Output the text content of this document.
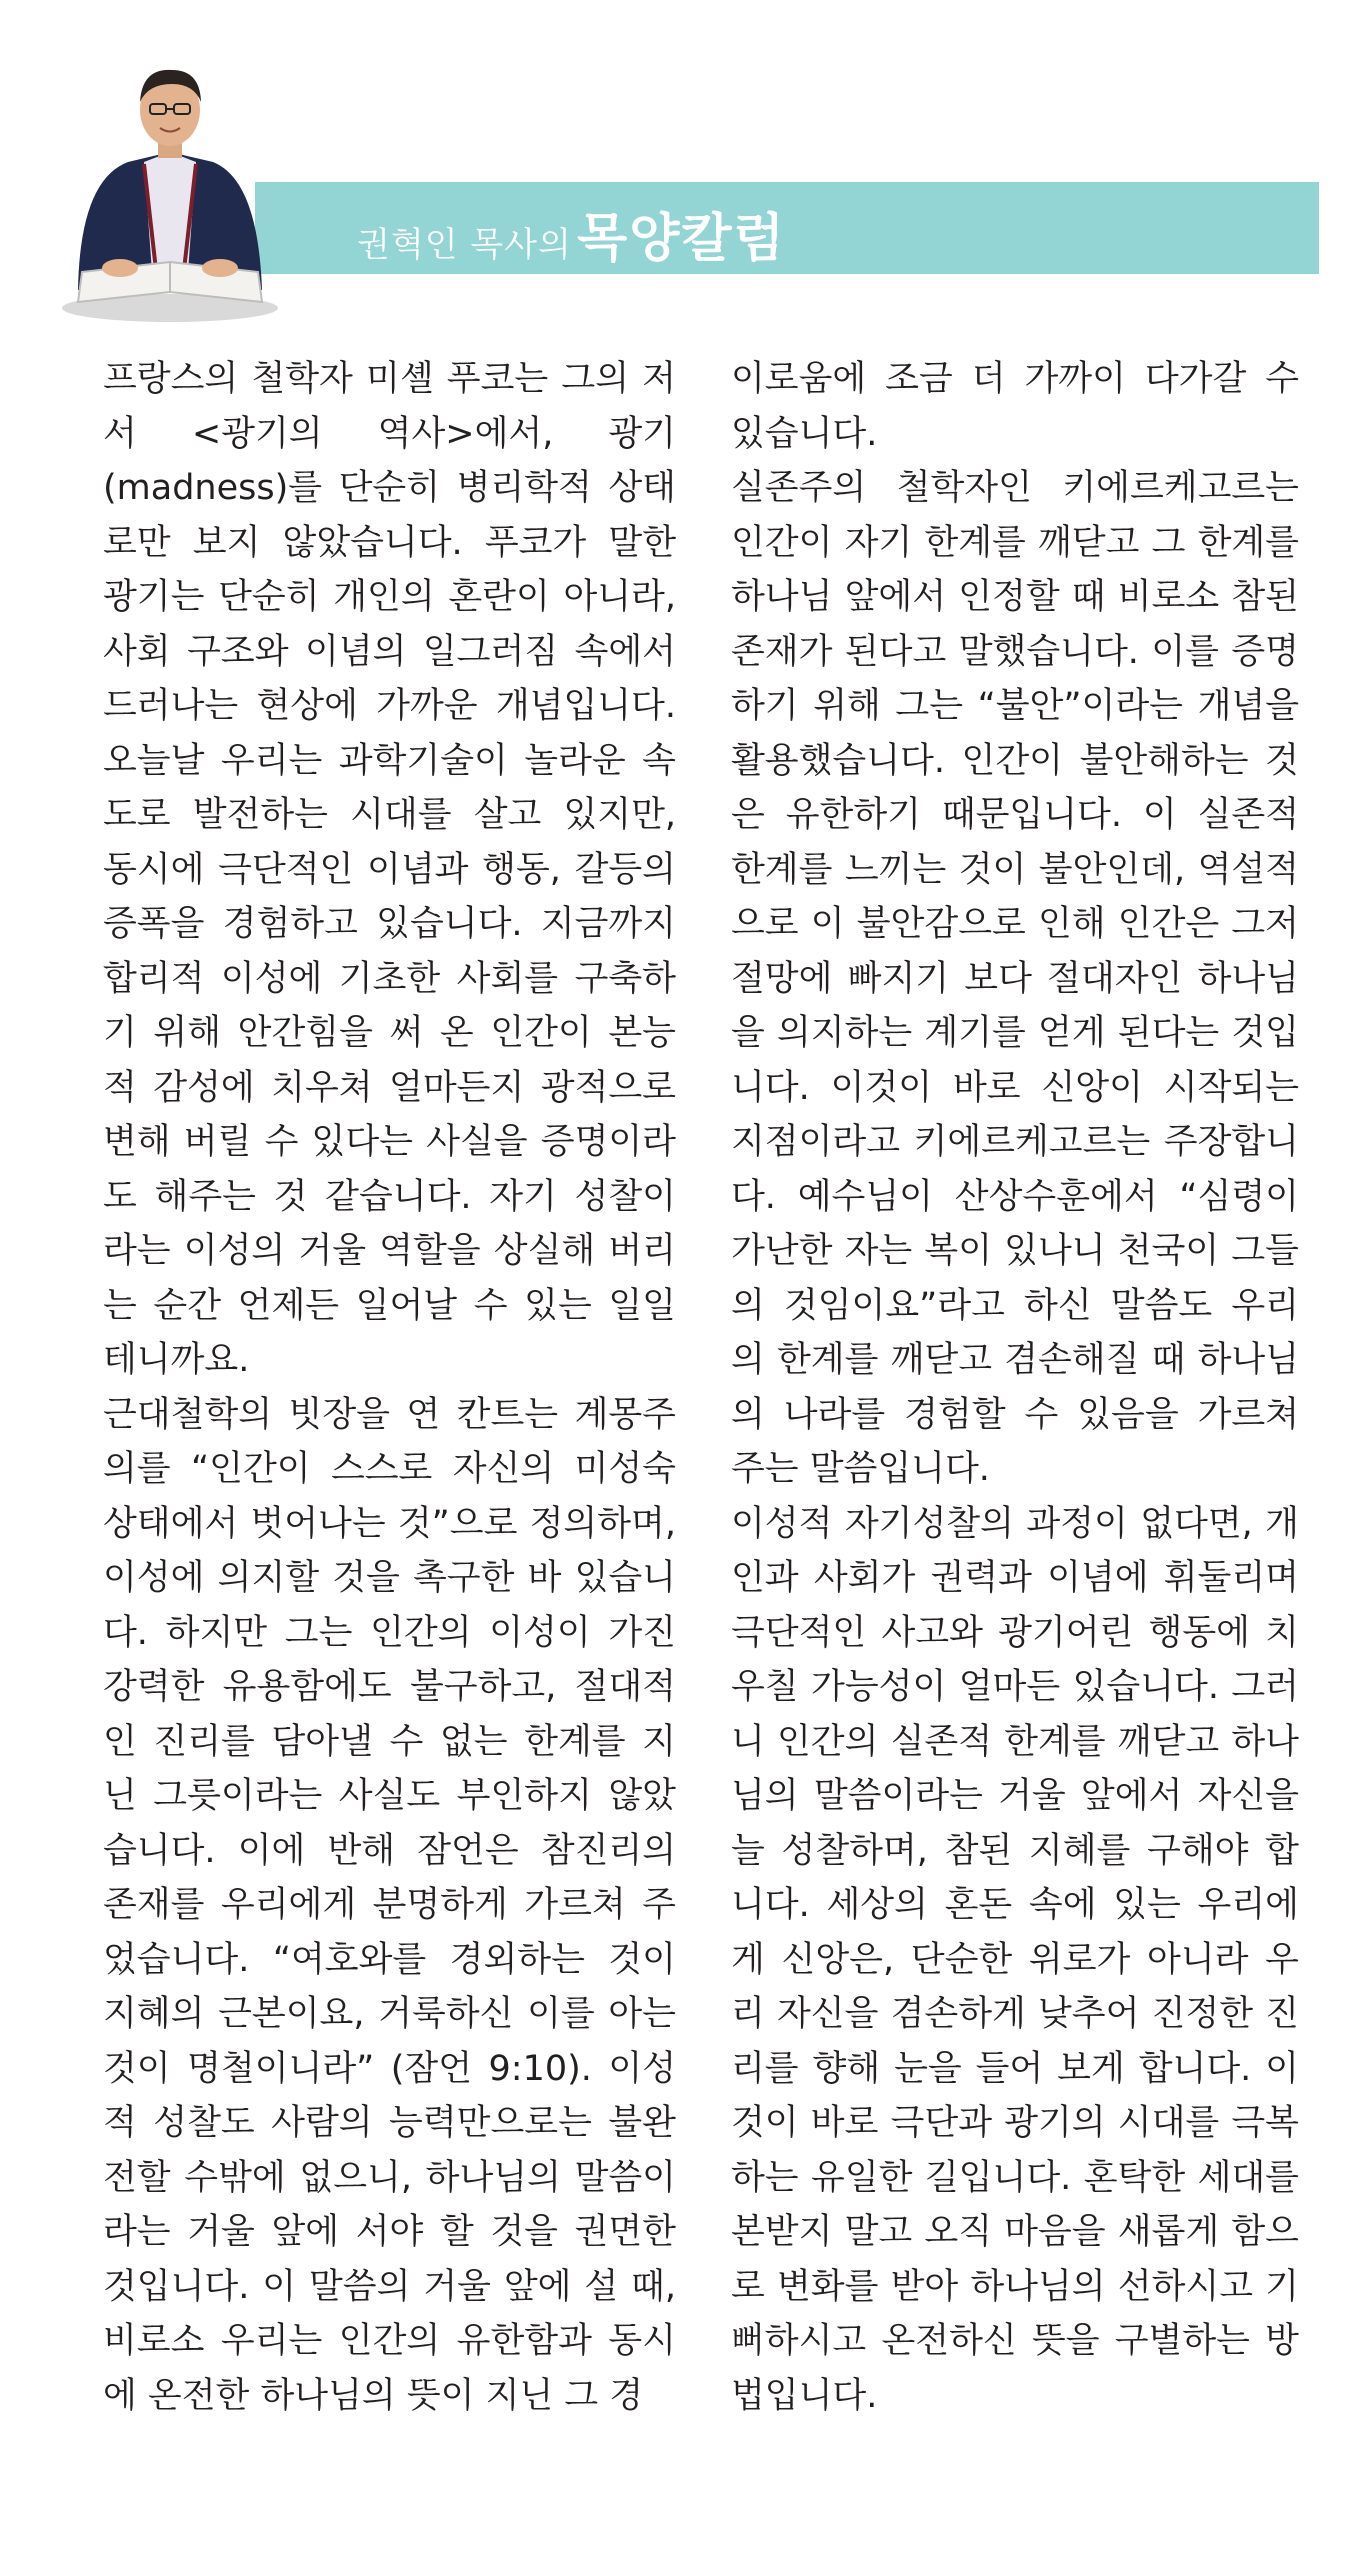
권혁인 목사의 목양칼럼

프랑스의 철학자 미셸 푸코는 그의 저서 <광기의 역사>에서, 광기(madness)를 단순히 병리학적 상태로만 보지 않았습니다. 푸코가 말한 광기는 단순히 개인의 혼란이 아니라, 사회 구조와 이념의 일그러짐 속에서 드러나는 현상에 가까운 개념입니다. 오늘날 우리는 과학기술이 놀라운 속도로 발전하는 시대를 살고 있지만, 동시에 극단적인 이념과 행동, 갈등의 증폭을 경험하고 있습니다. 지금까지 합리적 이성에 기초한 사회를 구축하기 위해 안간힘을 써 온 인간이 본능적 감성에 치우쳐 얼마든지 광적으로 변해 버릴 수 있다는 사실을 증명이라도 해주는 것 같습니다. 자기 성찰이라는 이성의 거울 역할을 상실해 버리는 순간 언제든 일어날 수 있는 일일 테니까요.

근대철학의 빗장을 연 칸트는 계몽주의를 “인간이 스스로 자신의 미성숙 상태에서 벗어나는 것”으로 정의하며, 이성에 의지할 것을 촉구한 바 있습니다. 하지만 그는 인간의 이성이 가진 강력한 유용함에도 불구하고, 절대적인 진리를 담아낼 수 없는 한계를 지닌 그릇이라는 사실도 부인하지 않았습니다. 이에 반해 잠언은 참진리의 존재를 우리에게 분명하게 가르쳐 주었습니다. “여호와를 경외하는 것이 지혜의 근본이요, 거룩하신 이를 아는 것이 명철이니라” (잠언 9:10). 이성적 성찰도 사람의 능력만으로는 불완전할 수밖에 없으니, 하나님의 말씀이라는 거울 앞에 서야 할 것을 권면한 것입니다. 이 말씀의 거울 앞에 설 때, 비로소 우리는 인간의 유한함과 동시에 온전한 하나님의 뜻이 지닌 그 경

이로움에 조금 더 가까이 다가갈 수 있습니다.

실존주의 철학자인 키에르케고르는 인간이 자기 한계를 깨닫고 그 한계를 하나님 앞에서 인정할 때 비로소 참된 존재가 된다고 말했습니다. 이를 증명하기 위해 그는 “불안”이라는 개념을 활용했습니다. 인간이 불안해하는 것은 유한하기 때문입니다. 이 실존적 한계를 느끼는 것이 불안인데, 역설적으로 이 불안감으로 인해 인간은 그저 절망에 빠지기 보다 절대자인 하나님을 의지하는 계기를 얻게 된다는 것입니다. 이것이 바로 신앙이 시작되는 지점이라고 키에르케고르는 주장합니다. 예수님이 산상수훈에서 “심령이 가난한 자는 복이 있나니 천국이 그들의 것임이요”라고 하신 말씀도 우리의 한계를 깨닫고 겸손해질 때 하나님의 나라를 경험할 수 있음을 가르쳐 주는 말씀입니다.

이성적 자기성찰의 과정이 없다면, 개인과 사회가 권력과 이념에 휘둘리며 극단적인 사고와 광기어린 행동에 치우칠 가능성이 얼마든 있습니다. 그러니 인간의 실존적 한계를 깨닫고 하나님의 말씀이라는 거울 앞에서 자신을 늘 성찰하며, 참된 지혜를 구해야 합니다. 세상의 혼돈 속에 있는 우리에게 신앙은, 단순한 위로가 아니라 우리 자신을 겸손하게 낮추어 진정한 진리를 향해 눈을 들어 보게 합니다. 이것이 바로 극단과 광기의 시대를 극복하는 유일한 길입니다. 혼탁한 세대를 본받지 말고 오직 마음을 새롭게 함으로 변화를 받아 하나님의 선하시고 기뻐하시고 온전하신 뜻을 구별하는 방법입니다.
